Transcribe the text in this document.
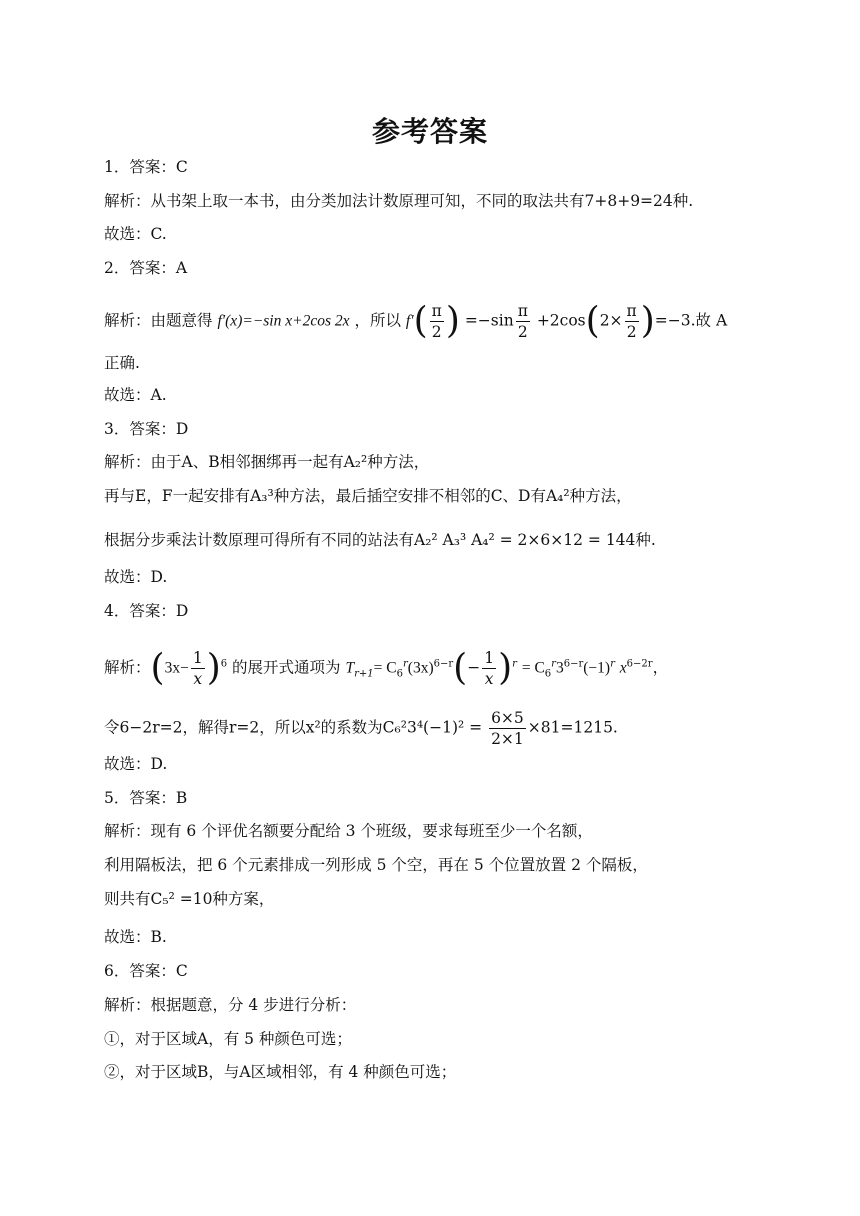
参考答案
1．答案：C
解析：从书架上取一本书，由分类加法计数原理可知，不同的取法共有7+8+9=24种.
故选：C.
2．答案：A
解析：由题意得 f′(x)=−sin x+2cos 2x ，所以 $f'( \frac{\pi}{2}$ ) $=-\sin \frac{\pi}{2} +2\cos(2\times \frac{\pi}{2} )=-3$.故 A
正确.
故选：A.
3．答案：D
解析：由于A、B相邻捆绑再一起有A₂²种方法，
再与E，F一起安排有A₃³种方法，最后插空安排不相邻的C、D有A₄²种方法，
根据分步乘法计数原理可得所有不同的站法有A₂² A₃³ A₄² = 2×6×12 = 144种.
故选：D.
4．答案：D
解析：$(3x- \frac{1}{x} )^6$ 的展开式通项为 $T_{r+1}= C_6^r(3x)^{6-r}(- \frac{1}{x} )^r = C_6^r3^{6-r}(-1)^r$ $x^{6-2r}$，
令6−2r=2，解得r=2，所以x²的系数为$C_6^23^4(-1)^2 = \frac{6\times 5}{2\times 1} \times 81=1215$.
故选：D.
5．答案：B
解析：现有 6 个评优名额要分配给 3 个班级，要求每班至少一个名额，
利用隔板法，把 6 个元素排成一列形成 5 个空，再在 5 个位置放置 2 个隔板，
则共有C₅² =10种方案，
故选：B.
6．答案：C
解析：根据题意，分 4 步进行分析：
①，对于区域A，有 5 种颜色可选；
②，对于区域B，与A区域相邻，有 4 种颜色可选；
